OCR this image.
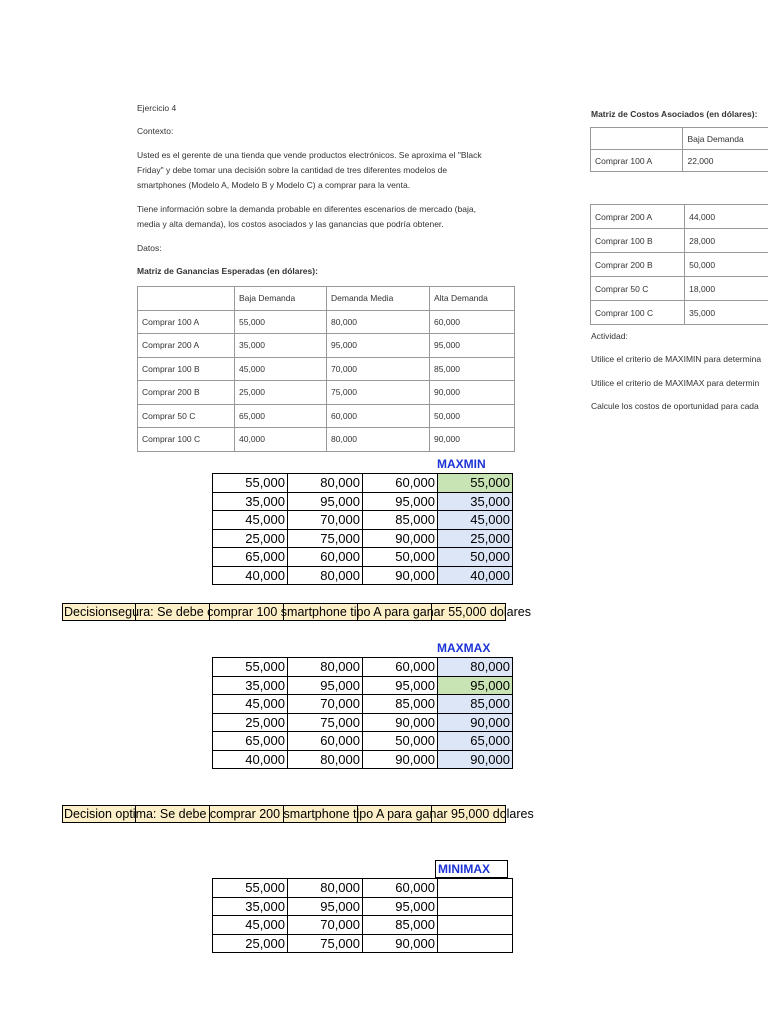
Ejercicio 4
Contexto:
Usted es el gerente de una tienda que vende productos electrónicos. Se aproxima el "Black
Friday" y debe tomar una decisión sobre la cantidad de tres diferentes modelos de
smartphones (Modelo A, Modelo B y Modelo C) a comprar para la venta.
Tiene información sobre la demanda probable en diferentes escenarios de mercado (baja,
media y alta demanda), los costos asociados y las ganancias que podría obtener.
Datos:
Matriz de Ganancias Esperadas (en dólares):
	Baja Demanda	Demanda Media	Alta Demanda
Comprar 100 A	55,000	80,000	60,000
Comprar 200 A	35,000	95,000	95,000
Comprar 100 B	45,000	70,000	85,000
Comprar 200 B	25,000	75,000	90,000
Comprar 50 C	65,000	60,000	50,000
Comprar 100 C	40,000	80,000	90,000
Matriz de Costos Asociados (en dólares):
	Baja Demanda
Comprar 100 A	22,000
Comprar 200 A	44,000
Comprar 100 B	28,000
Comprar 200 B	50,000
Comprar 50 C	18,000
Comprar 100 C	35,000
Actividad:
Utilice el criterio de MAXIMIN para determina
Utilice el criterio de MAXIMAX para determin
Calcule los costos de oportunidad para cada
MAXMIN
55,000	80,000	60,000	55,000
35,000	95,000	95,000	35,000
45,000	70,000	85,000	45,000
25,000	75,000	90,000	25,000
65,000	60,000	50,000	50,000
40,000	80,000	90,000	40,000
Decisionsegura: Se debe comprar 100 smartphone tipo A para ganar 55,000 dolares
MAXMAX
55,000	80,000	60,000	80,000
35,000	95,000	95,000	95,000
45,000	70,000	85,000	85,000
25,000	75,000	90,000	90,000
65,000	60,000	50,000	65,000
40,000	80,000	90,000	90,000
Decision optima: Se debe comprar 200 smartphone tipo A para ganar 95,000 dolares
MINIMAX
55,000	80,000	60,000	
35,000	95,000	95,000	
45,000	70,000	85,000	
25,000	75,000	90,000	
